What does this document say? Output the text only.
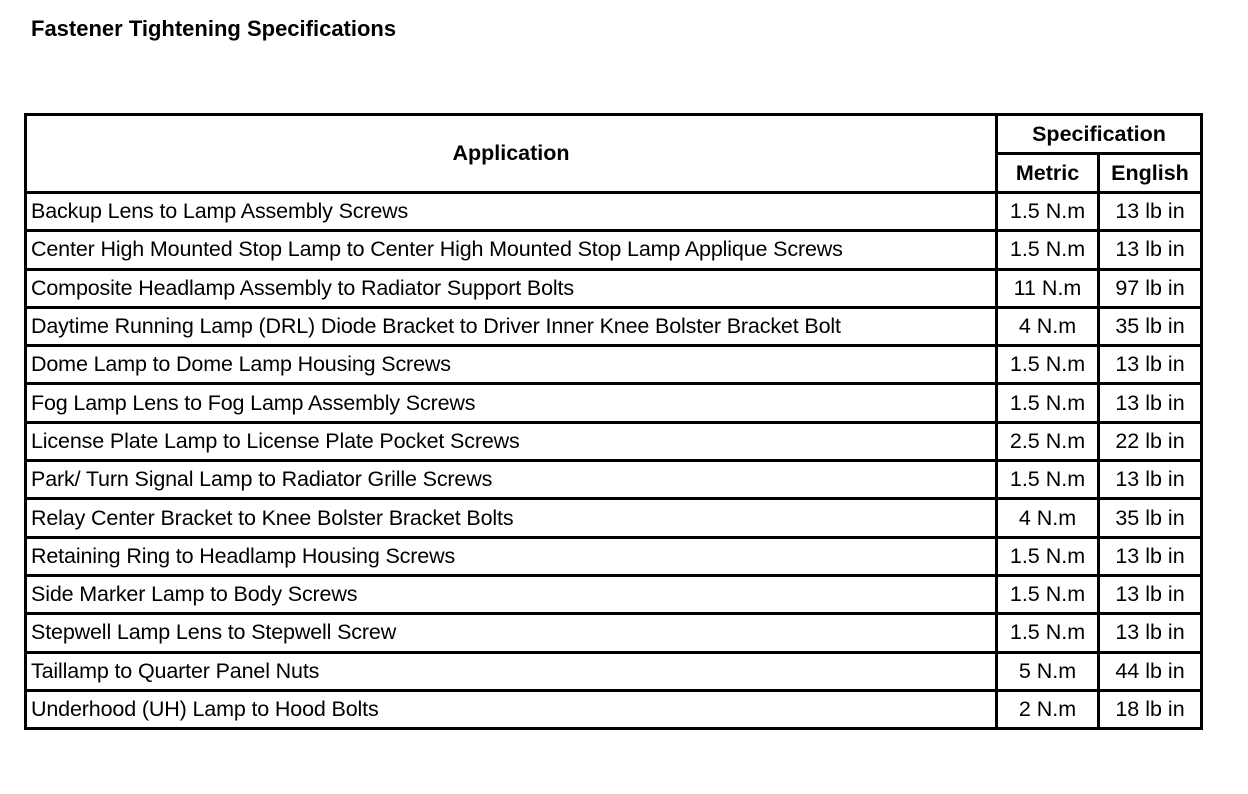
Fastener Tightening Specifications
Application	Specification	
	Metric	English
Backup Lens to Lamp Assembly Screws	1.5 N.m	13 lb in
Center High Mounted Stop Lamp to Center High Mounted Stop Lamp Applique Screws	1.5 N.m	13 lb in
Composite Headlamp Assembly to Radiator Support Bolts	11 N.m	97 lb in
Daytime Running Lamp (DRL) Diode Bracket to Driver Inner Knee Bolster Bracket Bolt	4 N.m	35 lb in
Dome Lamp to Dome Lamp Housing Screws	1.5 N.m	13 lb in
Fog Lamp Lens to Fog Lamp Assembly Screws	1.5 N.m	13 lb in
License Plate Lamp to License Plate Pocket Screws	2.5 N.m	22 lb in
Park/ Turn Signal Lamp to Radiator Grille Screws	1.5 N.m	13 lb in
Relay Center Bracket to Knee Bolster Bracket Bolts	4 N.m	35 lb in
Retaining Ring to Headlamp Housing Screws	1.5 N.m	13 lb in
Side Marker Lamp to Body Screws	1.5 N.m	13 lb in
Stepwell Lamp Lens to Stepwell Screw	1.5 N.m	13 lb in
Taillamp to Quarter Panel Nuts	5 N.m	44 lb in
Underhood (UH) Lamp to Hood Bolts	2 N.m	18 lb in
